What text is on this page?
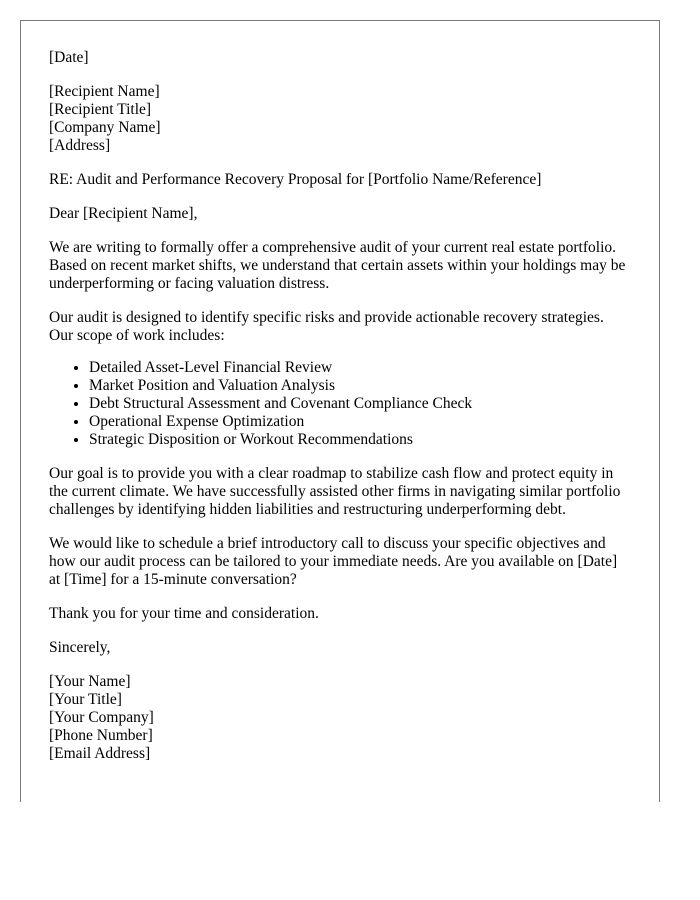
[Date]
[Recipient Name]
[Recipient Title]
[Company Name]
[Address]

RE: Audit and Performance Recovery Proposal for [Portfolio Name/Reference]

Dear [Recipient Name],

We are writing to formally offer a comprehensive audit of your current real estate portfolio. Based on recent market shifts, we understand that certain assets within your holdings may be underperforming or facing valuation distress.

Our audit is designed to identify specific risks and provide actionable recovery strategies. Our scope of work includes:

• Detailed Asset-Level Financial Review
• Market Position and Valuation Analysis
• Debt Structural Assessment and Covenant Compliance Check
• Operational Expense Optimization
• Strategic Disposition or Workout Recommendations

Our goal is to provide you with a clear roadmap to stabilize cash flow and protect equity in the current climate. We have successfully assisted other firms in navigating similar portfolio challenges by identifying hidden liabilities and restructuring underperforming debt.

We would like to schedule a brief introductory call to discuss your specific objectives and how our audit process can be tailored to your immediate needs. Are you available on [Date] at [Time] for a 15-minute conversation?

Thank you for your time and consideration.

Sincerely,

[Your Name]
[Your Title]
[Your Company]
[Phone Number]
[Email Address]
